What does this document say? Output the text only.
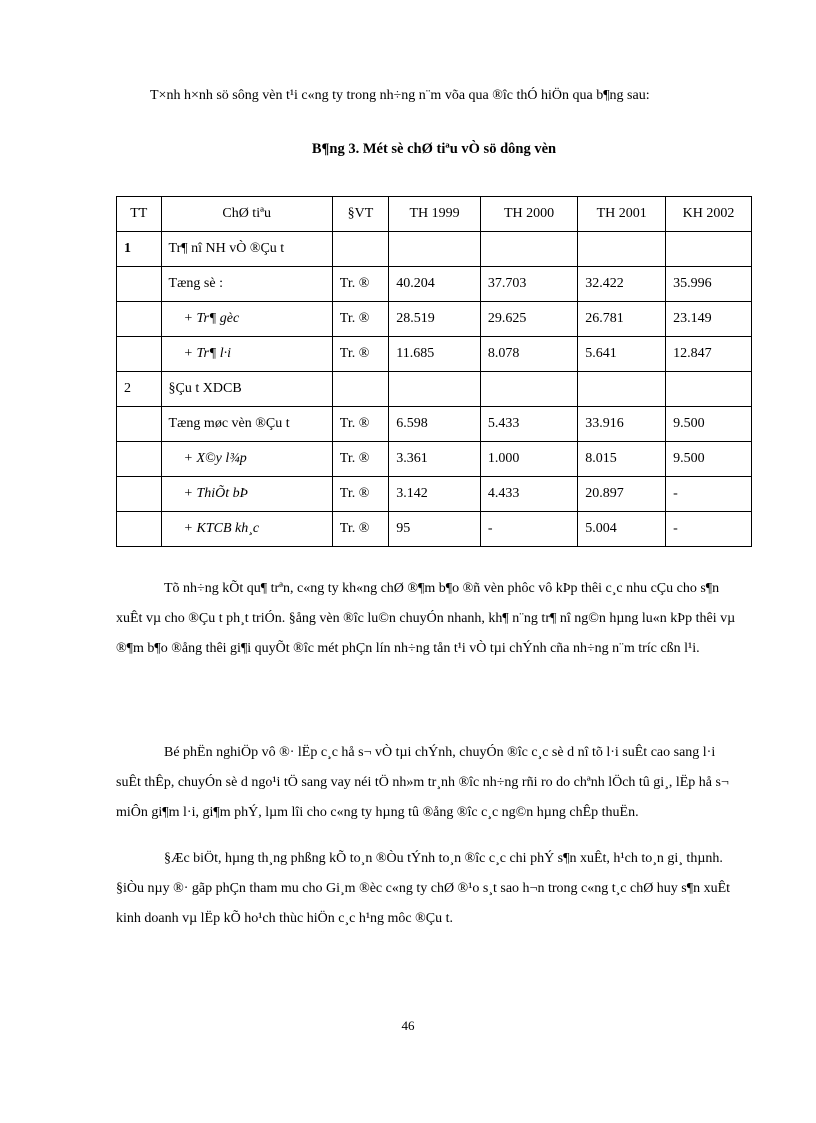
T×nh h×nh sö sông vèn t¹i c«ng ty trong nh÷ng n¨m võa qua ®îc thÓ hiÖn qua b¶ng sau:
B¶ng 3. Mét sè chØ tiªu vÒ sö dông vèn
TT	ChØ tiªu	§VT	TH 1999	TH 2000	TH 2001	KH 2002
1	Tr¶ nî NH vÒ ®Çu t					
	Tæng sè :	Tr. ®	40.204	37.703	32.422	35.996
	+ Tr¶ gèc	Tr. ®	28.519	29.625	26.781	23.149
	+ Tr¶ l·i	Tr. ®	11.685	8.078	5.641	12.847
2	§Çu t XDCB					
	Tæng møc vèn ®Çu t	Tr. ®	6.598	5.433	33.916	9.500
	+ X©y l¾p	Tr. ®	3.361	1.000	8.015	9.500
	+ ThiÕt bÞ	Tr. ®	3.142	4.433	20.897	-
	+ KTCB kh¸c	Tr. ®	95	-	5.004	-
Tõ nh÷ng kÕt qu¶ trªn, c«ng ty kh«ng chØ ®¶m b¶o ®ñ vèn phôc vô kÞp thêi c¸c nhu cÇu cho s¶n xuÊt vµ cho ®Çu t ph¸t triÓn. §ång vèn ®îc lu©n chuyÓn nhanh, kh¶ n¨ng tr¶ nî ng©n hµng lu«n kÞp thêi vµ ®¶m b¶o ®ång thêi gi¶i quyÕt ®îc mét phÇn lín nh÷ng tån t¹i vÒ tµi chÝnh cña nh÷ng n¨m tríc cßn l¹i.
Bé phËn nghiÖp vô ®· lËp c¸c hå s¬ vÒ tµi chÝnh, chuyÓn ®îc c¸c sè d nî tõ l·i suÊt cao sang l·i suÊt thÊp, chuyÓn sè d ngo¹i tÖ sang vay néi tÖ nh»m tr¸nh ®îc nh÷ng rñi ro do chªnh lÖch tû gi¸, lËp hå s¬ miÔn gi¶m l·i, gi¶m phÝ, lµm lîi cho c«ng ty hµng tû ®ång ®îc c¸c ng©n hµng chÊp thuËn.
§Æc biÖt, hµng th¸ng phßng kÕ to¸n ®Òu tÝnh to¸n ®îc c¸c chi phÝ s¶n xuÊt, h¹ch to¸n gi¸ thµnh. §iÒu nµy ®· gãp phÇn tham mu cho Gi¸m ®èc c«ng ty chØ ®¹o s¸t sao h¬n trong c«ng t¸c chØ huy s¶n xuÊt kinh doanh vµ lËp kÕ ho¹ch thùc hiÖn c¸c h¹ng môc ®Çu t.
46
